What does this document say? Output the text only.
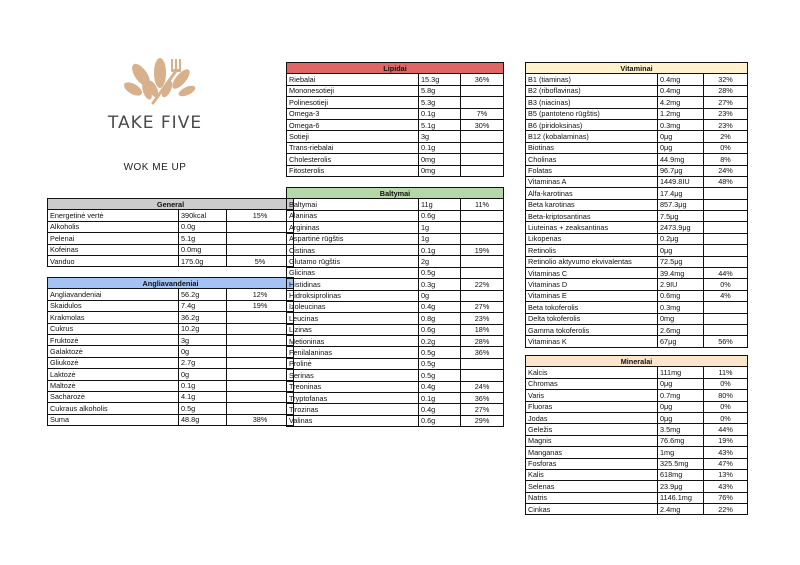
TAKE FIVE
WOK ME UP
General		
Energetinė vertė	390kcal	15%
Alkoholis	0.0g	
Pelenai	5.1g	
Kofeinas	0.0mg	
Vanduo	175.0g	5%
Angliavandeniai		
Angliavandeniai	56.2g	12%
Skaidulos	7.4g	19%
Krakmolas	36.2g	
Cukrus	10.2g	
Fruktozė	3g	
Galaktozė	0g	
Gliukozė	2.7g	
Laktozė	0g	
Maltozė	0.1g	
Sacharozė	4.1g	
Cukraus alkoholis	0.5g	
Suma	48.8g	38%
Lipidai		
Riebalai	15.3g	36%
Mononesotieji	5.8g	
Polinesotieji	5.3g	
Omega-3	0.1g	7%
Omega-6	5.1g	30%
Sotieji	3g	
Trans-riebalai	0.1g	
Cholesterolis	0mg	
Fitosterolis	0mg	
Baltymai		
Baltymai	11g	11%
Alaninas	0.6g	
Argininas	1g	
Aspartinė rūgštis	1g	
Cistinas	0.1g	19%
Glutamo rūgštis	2g	
Glicinas	0.5g	
Histidinas	0.3g	22%
Hidroksiprolinas	0g	
Izoleucinas	0.4g	27%
Leucinas	0.8g	23%
Lizinas	0.6g	18%
Metioninas	0.2g	28%
Fenilalaninas	0.5g	36%
Prolinė	0.5g	
Serinas	0.5g	
Treoninas	0.4g	24%
Tryptofanas	0.1g	36%
Tirozinas	0.4g	27%
Valinas	0.6g	29%
Vitaminai		
B1 (tiaminas)	0.4mg	32%
B2 (riboflavinas)	0.4mg	28%
B3 (niacinas)	4.2mg	27%
B5 (pantoteno rūgštis)	1.2mg	23%
B6 (piridoksinas)	0.3mg	23%
B12 (kobalaminas)	0μg	2%
Biotinas	0μg	0%
Cholinas	44.9mg	8%
Folatas	96.7μg	24%
Vitaminas A	1449.8IU	48%
Alfa-karotinas	17.4μg	
Beta karotinas	857.3μg	
Beta-kriptosantinas	7.5μg	
Liuteinas + zeaksantinas	2473.9μg	
Likopenas	0.2μg	
Retinolis	0μg	
Retinolio aktyvumo ekvivalentas	72.5μg	
Vitaminas C	39.4mg	44%
Vitaminas D	2.9IU	0%
Vitaminas E	0.6mg	4%
Beta tokoferolis	0.3mg	
Delta tokoferolis	0mg	
Gamma tokoferolis	2.6mg	
Vitaminas K	67μg	56%
Mineralai		
Kalcis	111mg	11%
Chromas	0μg	0%
Varis	0.7mg	80%
Fluoras	0μg	0%
Jodas	0μg	0%
Geležis	3.5mg	44%
Magnis	76.6mg	19%
Manganas	1mg	43%
Fosforas	325.5mg	47%
Kalis	618mg	13%
Selenas	23.9μg	43%
Natris	1146.1mg	76%
Cinkas	2.4mg	22%
